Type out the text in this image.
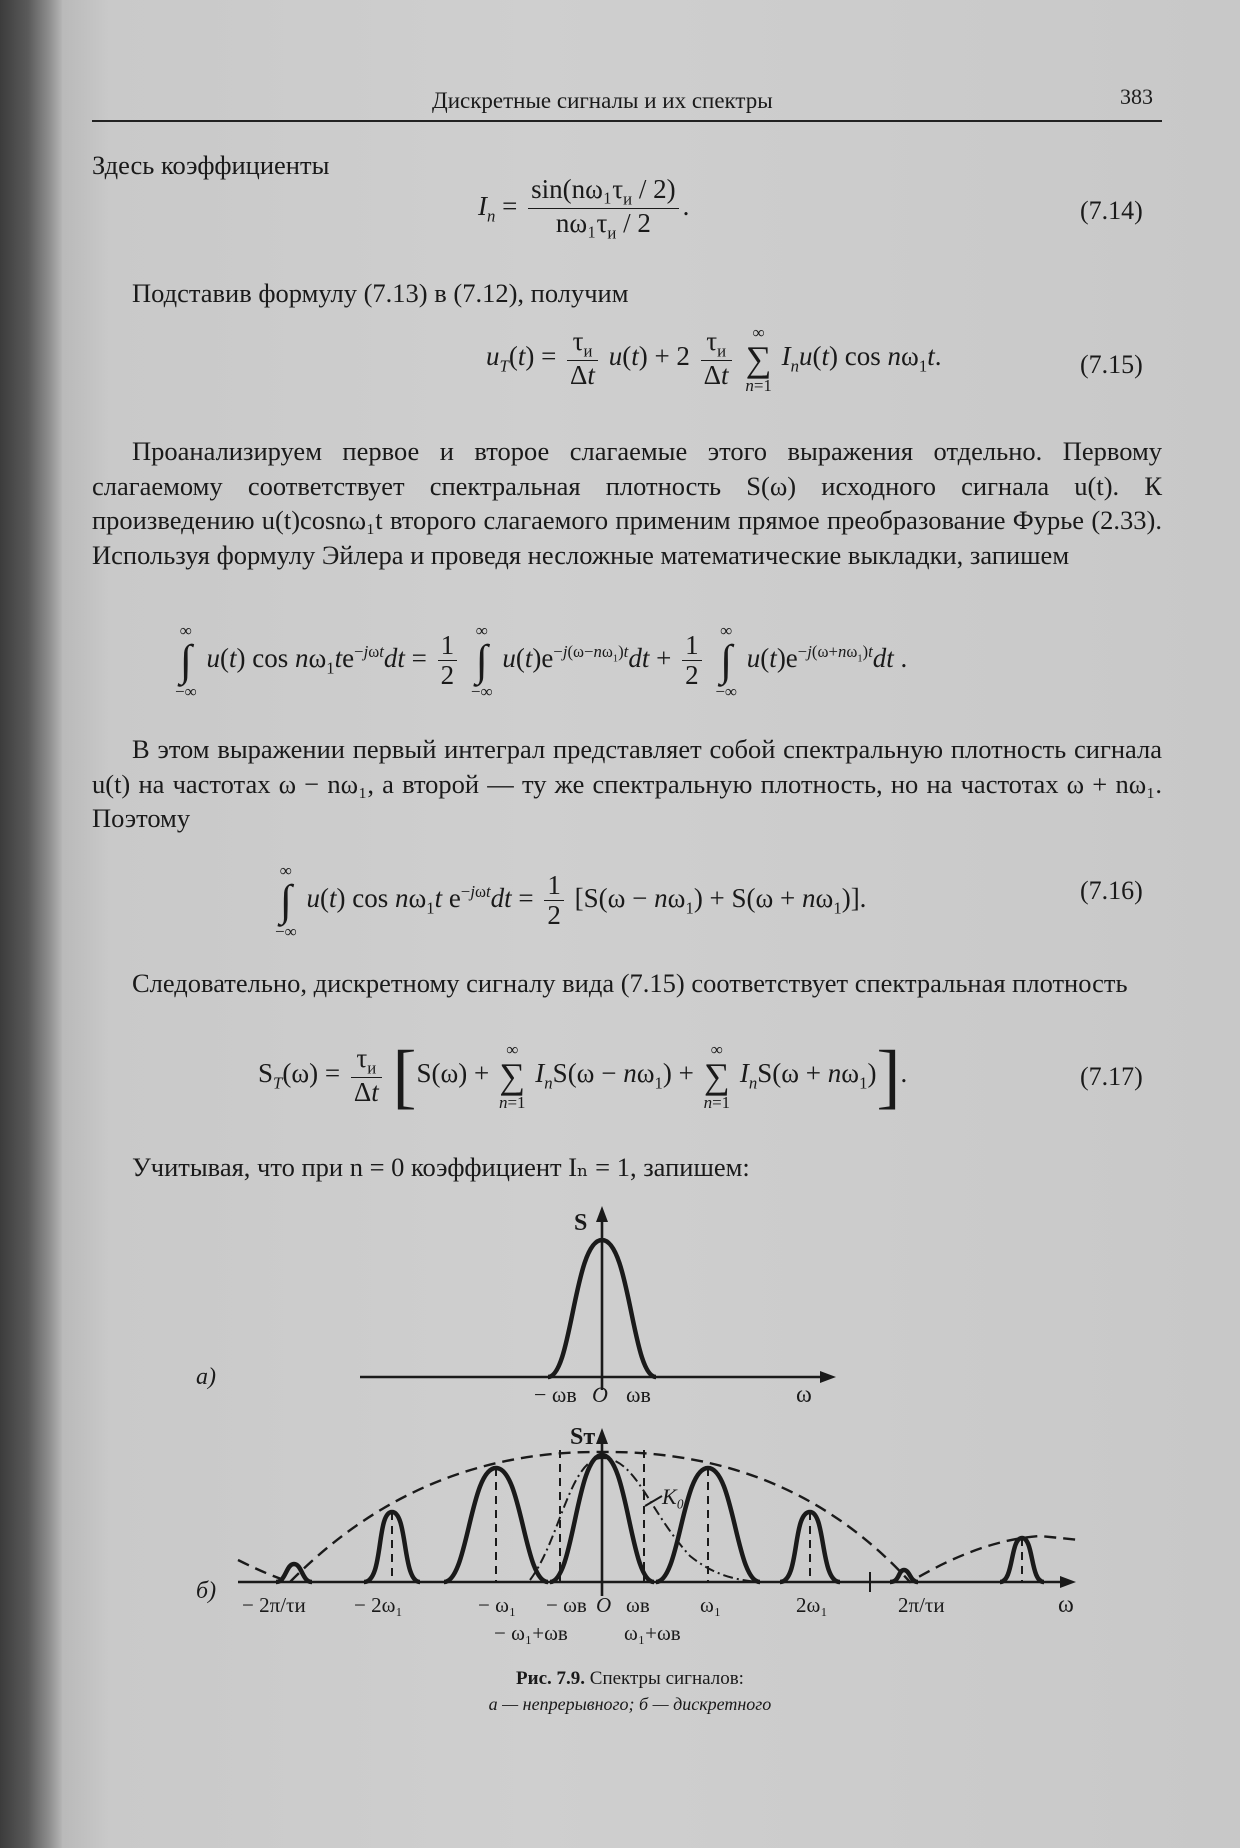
Дискретные сигналы и их спектры	383
Здесь коэффициенты
$I_n = \frac{\sin(n\omega_1\tau_и / 2)}{n\omega_1\tau_и / 2}$ .	(7.14)
Подставив формулу (7.13) в (7.12), получим
$u_T(t) = \frac{\tau_и}{\Delta t} u(t) + 2 \frac{\tau_и}{\Delta t}$
	∞
∑
n=1
$I_nu(t)$ $\cos n\omega_1t$.	(7.15)
Проанализируем первое и второе слагаемые этого выражения отдельно. Первому слагаемому соответствует спектральная плотность S(ω) исходного сигнала u(t). К произведению u(t)cosnω₁t второго слагаемого применим прямое преобразование Фурье (2.33). Используя формулу Эйлера и проведя несложные математические выкладки, запишем
∞
∫
−∞
u(t) $\cos n\omega_1te^{-j\omega t}dt = \frac{1}{2}$

∞
∫
−∞
$u(t)e^{-j(\omega-n\omega_1)t}dt + \frac{1}{2}$

∞
∫
−∞
$u(t)e^{-j(\omega+n\omega_1)t}dt$ .
В этом выражении первый интеграл представляет собой спектральную плотность сигнала u(t) на частотах ω − nω₁, а второй — ту же спектральную плотность, но на частотах ω + nω₁. Поэтому
∞
∫
−∞
u(t) $\cos n\omega_1t$ $e^{-j\omega t}dt = \frac{1}{2} [S(\omega - n\omega_1) + S(\omega + n\omega_1)]$.	(7.16)
Следовательно, дискретному сигналу вида (7.15) соответствует спектральная плотность
$S_T(\omega) = \frac{\tau_и}{\Delta t} [S(\omega)$ +
∞
∑
n=1
$I_nS(\omega - n\omega_1)$ +
∞
∑
n=1
$I_nS(\omega + n\omega_1)$].	(7.17)
Учитывая, что при n = 0 коэффициент Iₙ = 1, запишем:
а)
S
ω
− ωв O ωв
б)
Sт
ω
K₀
− 2π/τи − 2ω₁	− ω₁ − ωв O ωв ω₁	2ω₁	2π/τи
− ω₁+ωв	ω₁+ωв
Рис. 7.9. Спектры сигналов:
а — непрерывного; б — дискретного
